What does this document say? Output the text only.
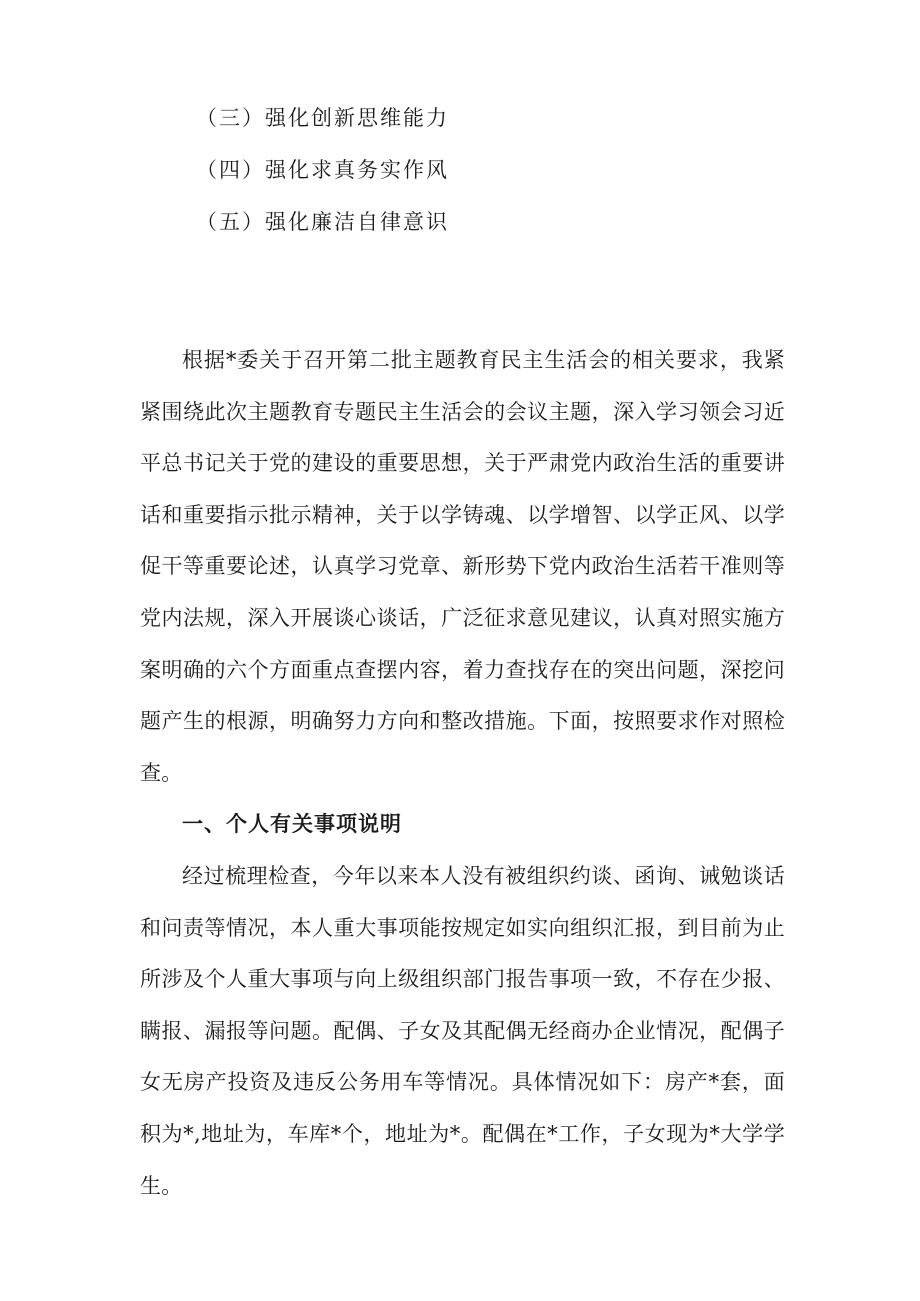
（三）强化创新思维能力
（四）强化求真务实作风
（五）强化廉洁自律意识

根据*委关于召开第二批主题教育民主生活会的相关要求，我紧紧围绕此次主题教育专题民主生活会的会议主题，深入学习领会习近平总书记关于党的建设的重要思想，关于严肃党内政治生活的重要讲话和重要指示批示精神，关于以学铸魂、以学增智、以学正风、以学促干等重要论述，认真学习党章、新形势下党内政治生活若干准则等党内法规，深入开展谈心谈话，广泛征求意见建议，认真对照实施方案明确的六个方面重点查摆内容，着力查找存在的突出问题，深挖问题产生的根源，明确努力方向和整改措施。下面，按照要求作对照检查。

一、个人有关事项说明

经过梳理检查，今年以来本人没有被组织约谈、函询、诫勉谈话和问责等情况，本人重大事项能按规定如实向组织汇报，到目前为止所涉及个人重大事项与向上级组织部门报告事项一致，不存在少报、瞒报、漏报等问题。配偶、子女及其配偶无经商办企业情况，配偶子女无房产投资及违反公务用车等情况。具体情况如下：房产*套，面积为*,地址为，车库*个，地址为*。配偶在*工作，子女现为*大学学生。
